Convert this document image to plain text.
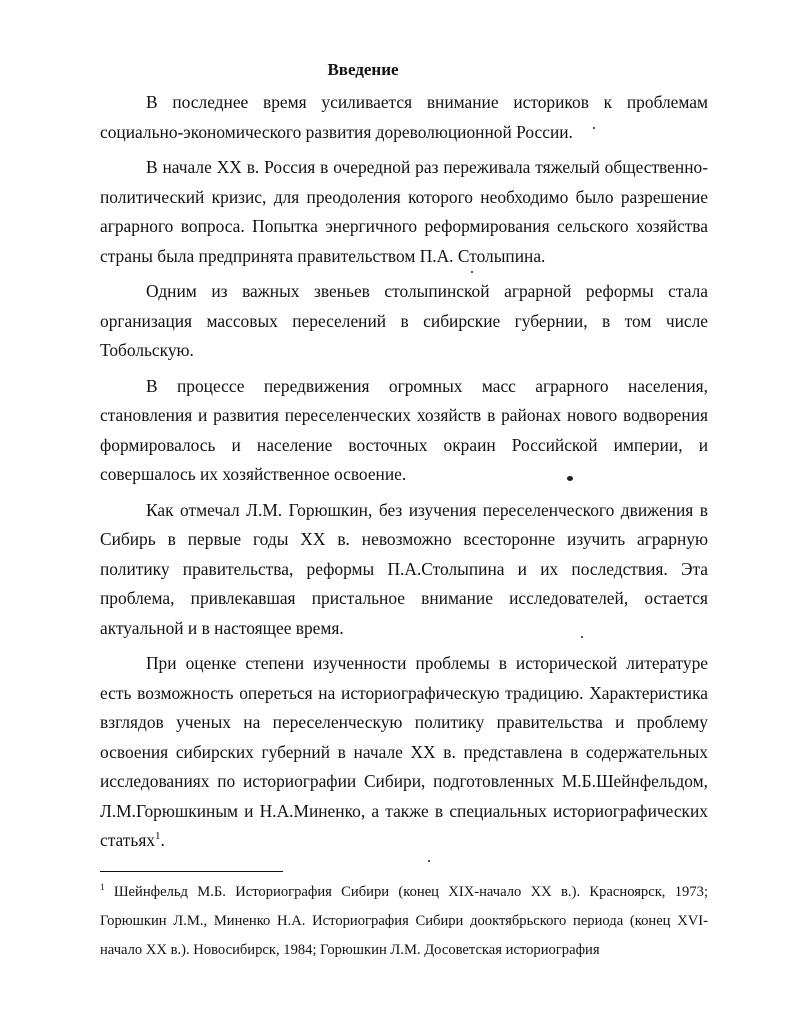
Введение

В последнее время усиливается внимание историков к проблемам социально-экономического развития дореволюционной России.

В начале XX в. Россия в очередной раз переживала тяжелый общественно-политический кризис, для преодоления которого необходимо было разрешение аграрного вопроса. Попытка энергичного реформирования сельского хозяйства страны была предпринята правительством П.А. Столыпина.

Одним из важных звеньев столыпинской аграрной реформы стала организация массовых переселений в сибирские губернии, в том числе Тобольскую.

В процессе передвижения огромных масс аграрного населения, становления и развития переселенческих хозяйств в районах нового водворения формировалось и население восточных окраин Российской империи, и совершалось их хозяйственное освоение.

Как отмечал Л.М. Горюшкин, без изучения переселенческого движения в Сибирь в первые годы XX в. невозможно всесторонне изучить аграрную политику правительства, реформы П.А.Столыпина и их последствия. Эта проблема, привлекавшая пристальное внимание исследователей, остается актуальной и в настоящее время.

При оценке степени изученности проблемы в исторической литературе есть возможность опереться на историографическую традицию. Характеристика взглядов ученых на переселенческую политику правительства и проблему освоения сибирских губерний в начале XX в. представлена в содержательных исследованиях по историографии Сибири, подготовленных М.Б.Шейнфельдом, Л.М.Горюшкиным и Н.А.Миненко, а также в специальных историографических статьях$^1$.

$^1$ Шейнфельд М.Б. Историография Сибири (конец XIX-начало XX в.). Красноярск, 1973; Горюшкин Л.М., Миненко Н.А. Историография Сибири дооктябрьского периода (конец XVI-начало XX в.). Новосибирск, 1984; Горюшкин Л.М. Досоветская историография
